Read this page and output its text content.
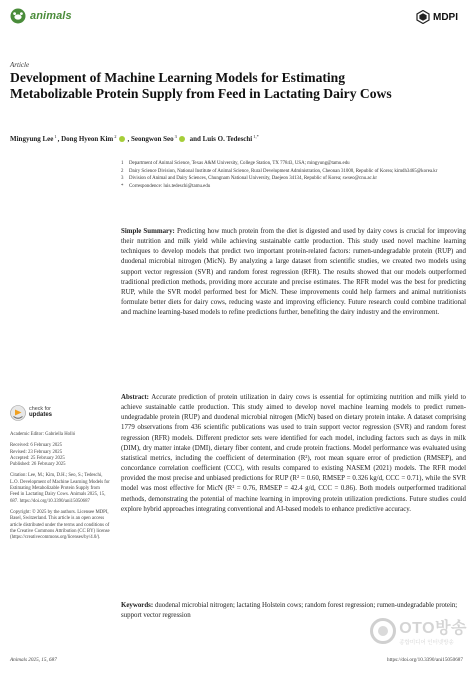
animals	MDPI
Article
Development of Machine Learning Models for Estimating Metabolizable Protein Supply from Feed in Lactating Dairy Cows
Mingyung Lee$^1$ ,
Dong Hyeon Kim$^2$ ,
Seongwon Seo$^3$
and
Luis O. Tedeschi$^{1,*}$
1	Department of Animal Science, Texas A&M University, College Station, TX 77843, USA; mingyung@tamu.edu
2	Dairy Science Division, National Institute of Animal Science, Rural Development Administration, Cheonan 31000, Republic of Korea; kimdh3465@korea.kr
3	Division of Animal and Dairy Sciences, Chungnam National University, Daejeon 34134, Republic of Korea; swseo@cnu.ac.kr
*	Correspondence: luis.tedeschi@tamu.edu

Simple Summary: Predicting how much protein from the diet is digested and used by dairy cows is crucial for improving their nutrition and milk yield while achieving sustainable cattle production. This study used novel machine learning techniques to develop models that predict two important protein-related factors: rumen-undegradable protein (RUP) and duodenal microbial nitrogen (MicN). By analyzing a large dataset from scientific studies, we created two models using support vector regression (SVR) and random forest regression (RFR). The results showed that our models outperformed traditional prediction methods, providing more accurate and precise estimates. The RFR model was the best for predicting RUP, while the SVR model performed best for MicN. These improvements could help farmers and animal nutritionists formulate better diets for dairy cows, reducing waste and improving efficiency. Future research could combine traditional and machine learning-based models to refine predictions further, benefiting the dairy industry and the environment.

Abstract: Accurate prediction of protein utilization in dairy cows is essential for optimizing nutrition and milk yield to achieve sustainable cattle production. This study aimed to develop novel machine learning models to predict rumen-undegradable protein (RUP) and duodenal microbial nitrogen (MicN) based on dietary protein intake. A dataset comprising 1779 observations from 436 scientific publications was used to train support vector regression (SVR) and random forest regression (RFR) models. Different predictor sets were identified for each model, including factors such as days in milk (DIM), dry matter intake (DMI), dietary fiber content, and crude protein fractions. Model performance was evaluated using statistical metrics, including the coefficient of determination (R²), root mean square error of prediction (RMSEP), and concordance correlation coefficient (CCC), with results compared to existing NASEM (2021) models. The RFR model provided the most precise and unbiased predictions for RUP (R² = 0.60, RMSEP = 0.326 kg/d, CCC = 0.71), while the SVR model was most effective for MicN (R² = 0.76, RMSEP = 42.4 g/d, CCC = 0.86). Both models outperformed traditional methods, demonstrating the potential of machine learning in improving protein utilization predictions. Future studies could explore hybrid approaches integrating conventional and AI-based models to enhance predictive accuracy.

Keywords: duodenal microbial nitrogen; lactating Holstein cows; random forest regression; rumen-undegradable protein; support vector regression

check for
updates
Academic Editor: Gabriella Holló
Received: 6 February 2025
Revised: 23 February 2025
Accepted: 25 February 2025
Published: 26 February 2025
Citation: Lee, M.; Kim, D.H.; Seo, S.; Tedeschi, L.O. Development of Machine Learning Models for Estimating Metabolizable Protein Supply from Feed in Lactating Dairy Cows. Animals 2025, 15, 687. https://doi.org/10.3390/ani15050687
Copyright: © 2025 by the authors. Licensee MDPI, Basel, Switzerland. This article is an open access article distributed under the terms and conditions of the Creative Commons Attribution (CC BY) license (https://creativecommons.org/licenses/by/4.0/).
Animals 2025, 15, 687	https://doi.org/10.3390/ani15050687
OTO방송
종합미디어 인터넷방송
